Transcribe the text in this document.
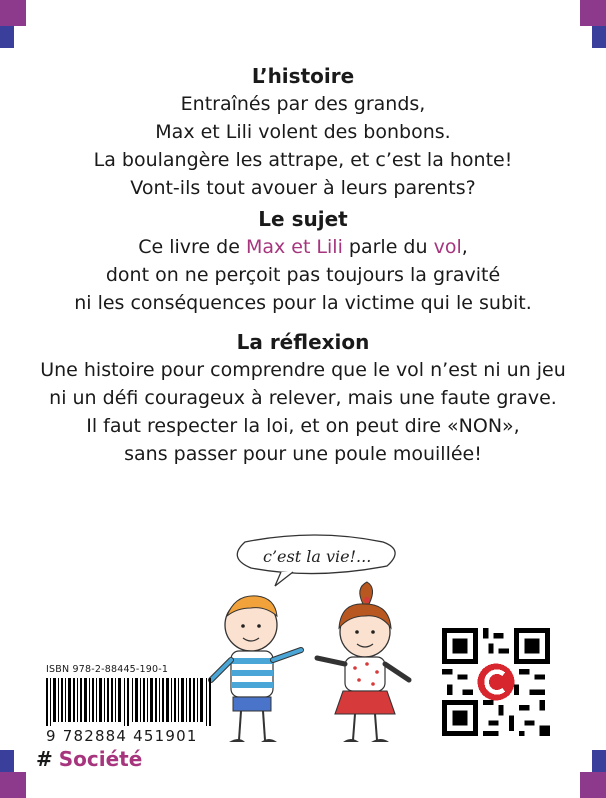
L’histoire
Entraînés par des grands,
Max et Lili volent des bonbons.
La boulangère les attrape, et c’est la honte!
Vont-ils tout avouer à leurs parents?
Le sujet
Ce livre de Max et Lili parle du vol,
dont on ne perçoit pas toujours la gravité
ni les conséquences pour la victime qui le subit.
La réflexion
Une histoire pour comprendre que le vol n’est ni un jeu
ni un défi courageux à relever, mais une faute grave.
Il faut respecter la loi, et on peut dire «NON»,
sans passer pour une poule mouillée!
c’est la vie!...
ISBN 978-2-88445-190-1
9 782884 451901
# Société
